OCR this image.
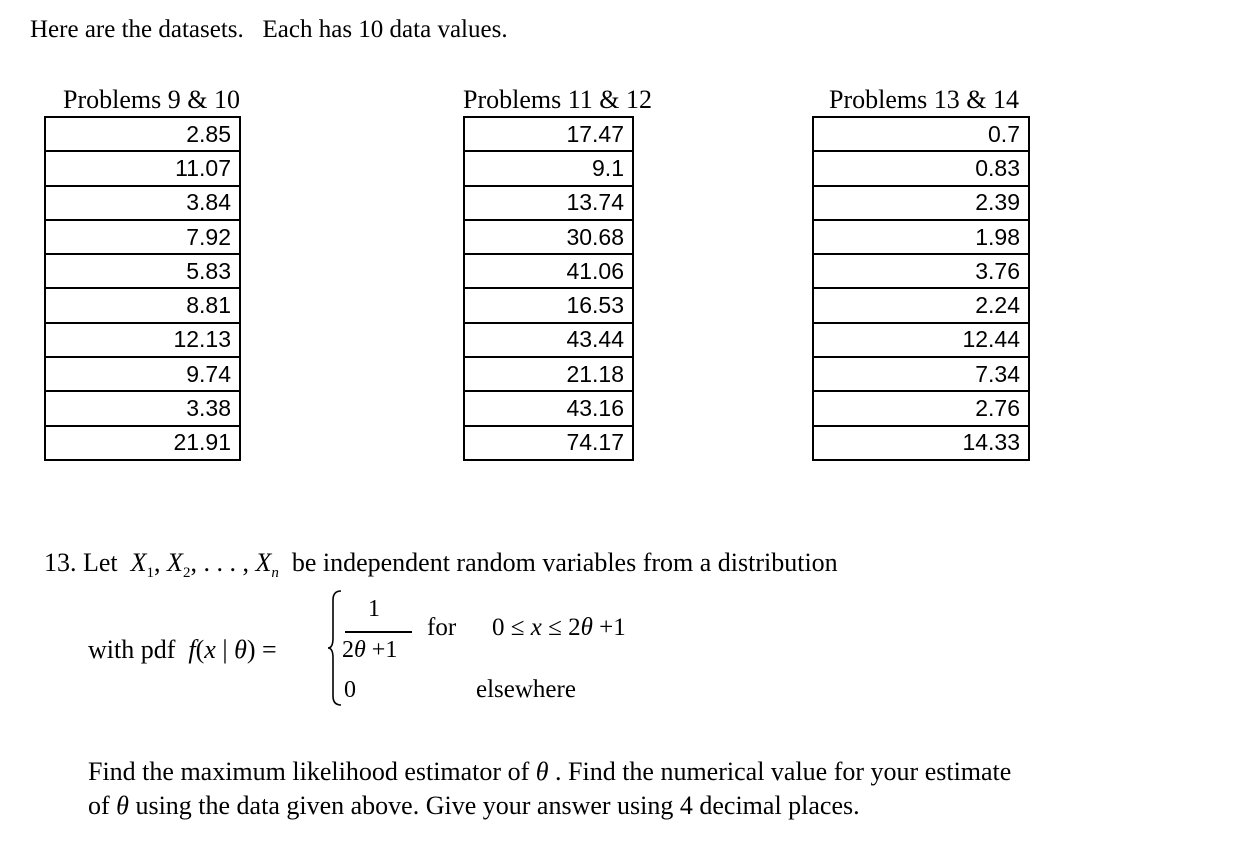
Here are the datasets.   Each has 10 data values.
Problems 9 & 10
2.85
11.07
3.84
7.92
5.83
8.81
12.13
9.74
3.38
21.91
Problems 11 & 12
17.47
9.1
13.74
30.68
41.06
16.53
43.44
21.18
43.16
74.17
Problems 13 & 14
0.7
0.83
2.39
1.98
3.76
2.24
12.44
7.34
2.76
14.33
13. Let $X_1$, $X_2$, . . . , $X_n$ be independent random variables from a distribution
with pdf f(x | θ) =
1
2θ +1
for 0 ≤ x ≤ 2θ +1
0	elsewhere
Find the maximum likelihood estimator of θ . Find the numerical value for your estimate
of θ using the data given above. Give your answer using 4 decimal places.
